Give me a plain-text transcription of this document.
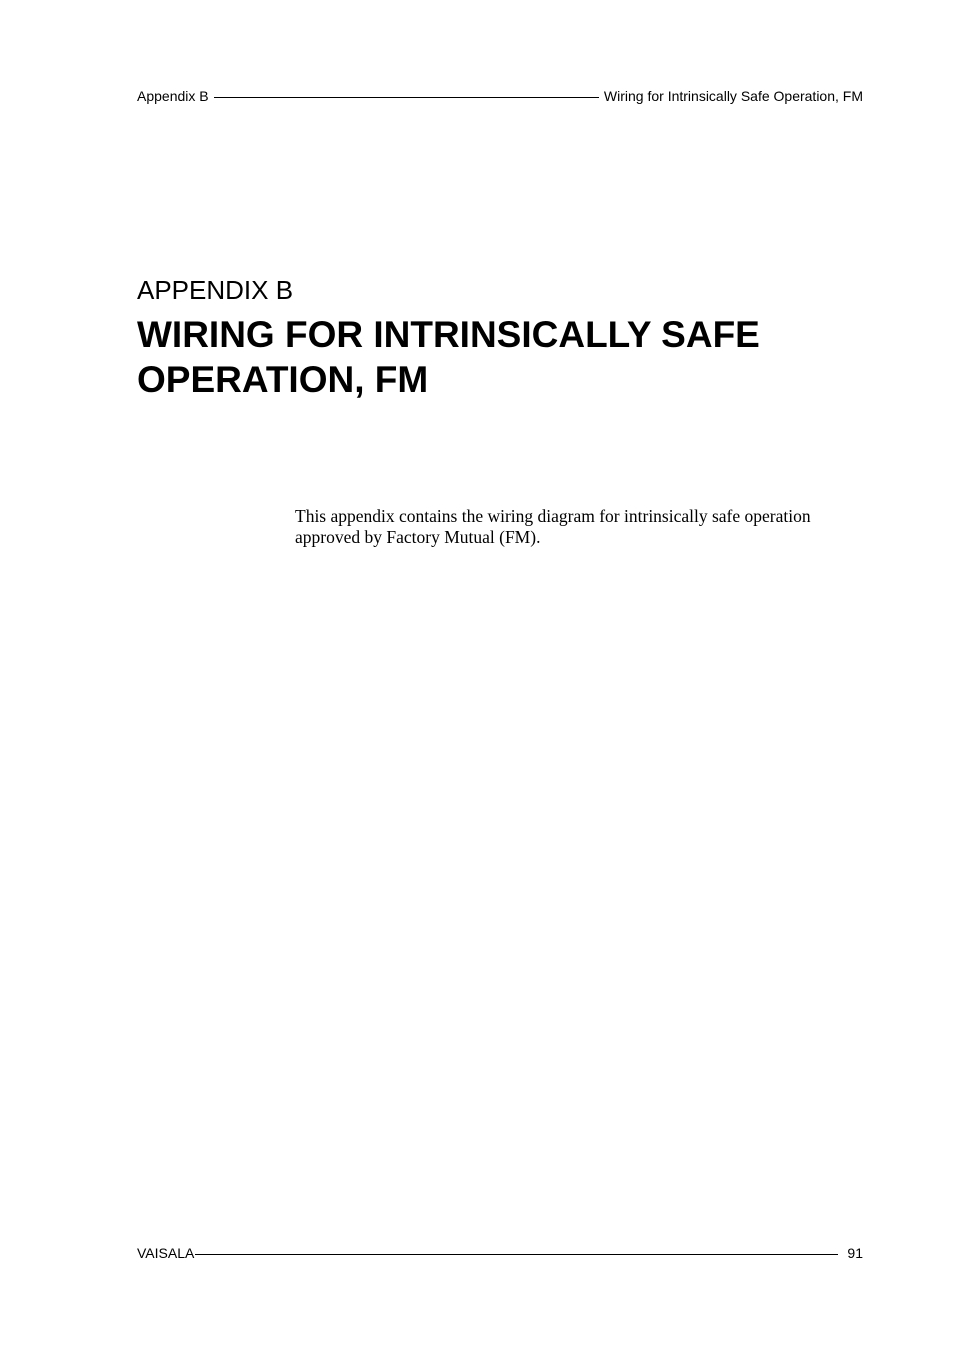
Appendix B	Wiring for Intrinsically Safe Operation, FM
APPENDIX B
WIRING FOR INTRINSICALLY SAFE OPERATION, FM

This appendix contains the wiring diagram for intrinsically safe operation approved by Factory Mutual (FM).

VAISALA	91
